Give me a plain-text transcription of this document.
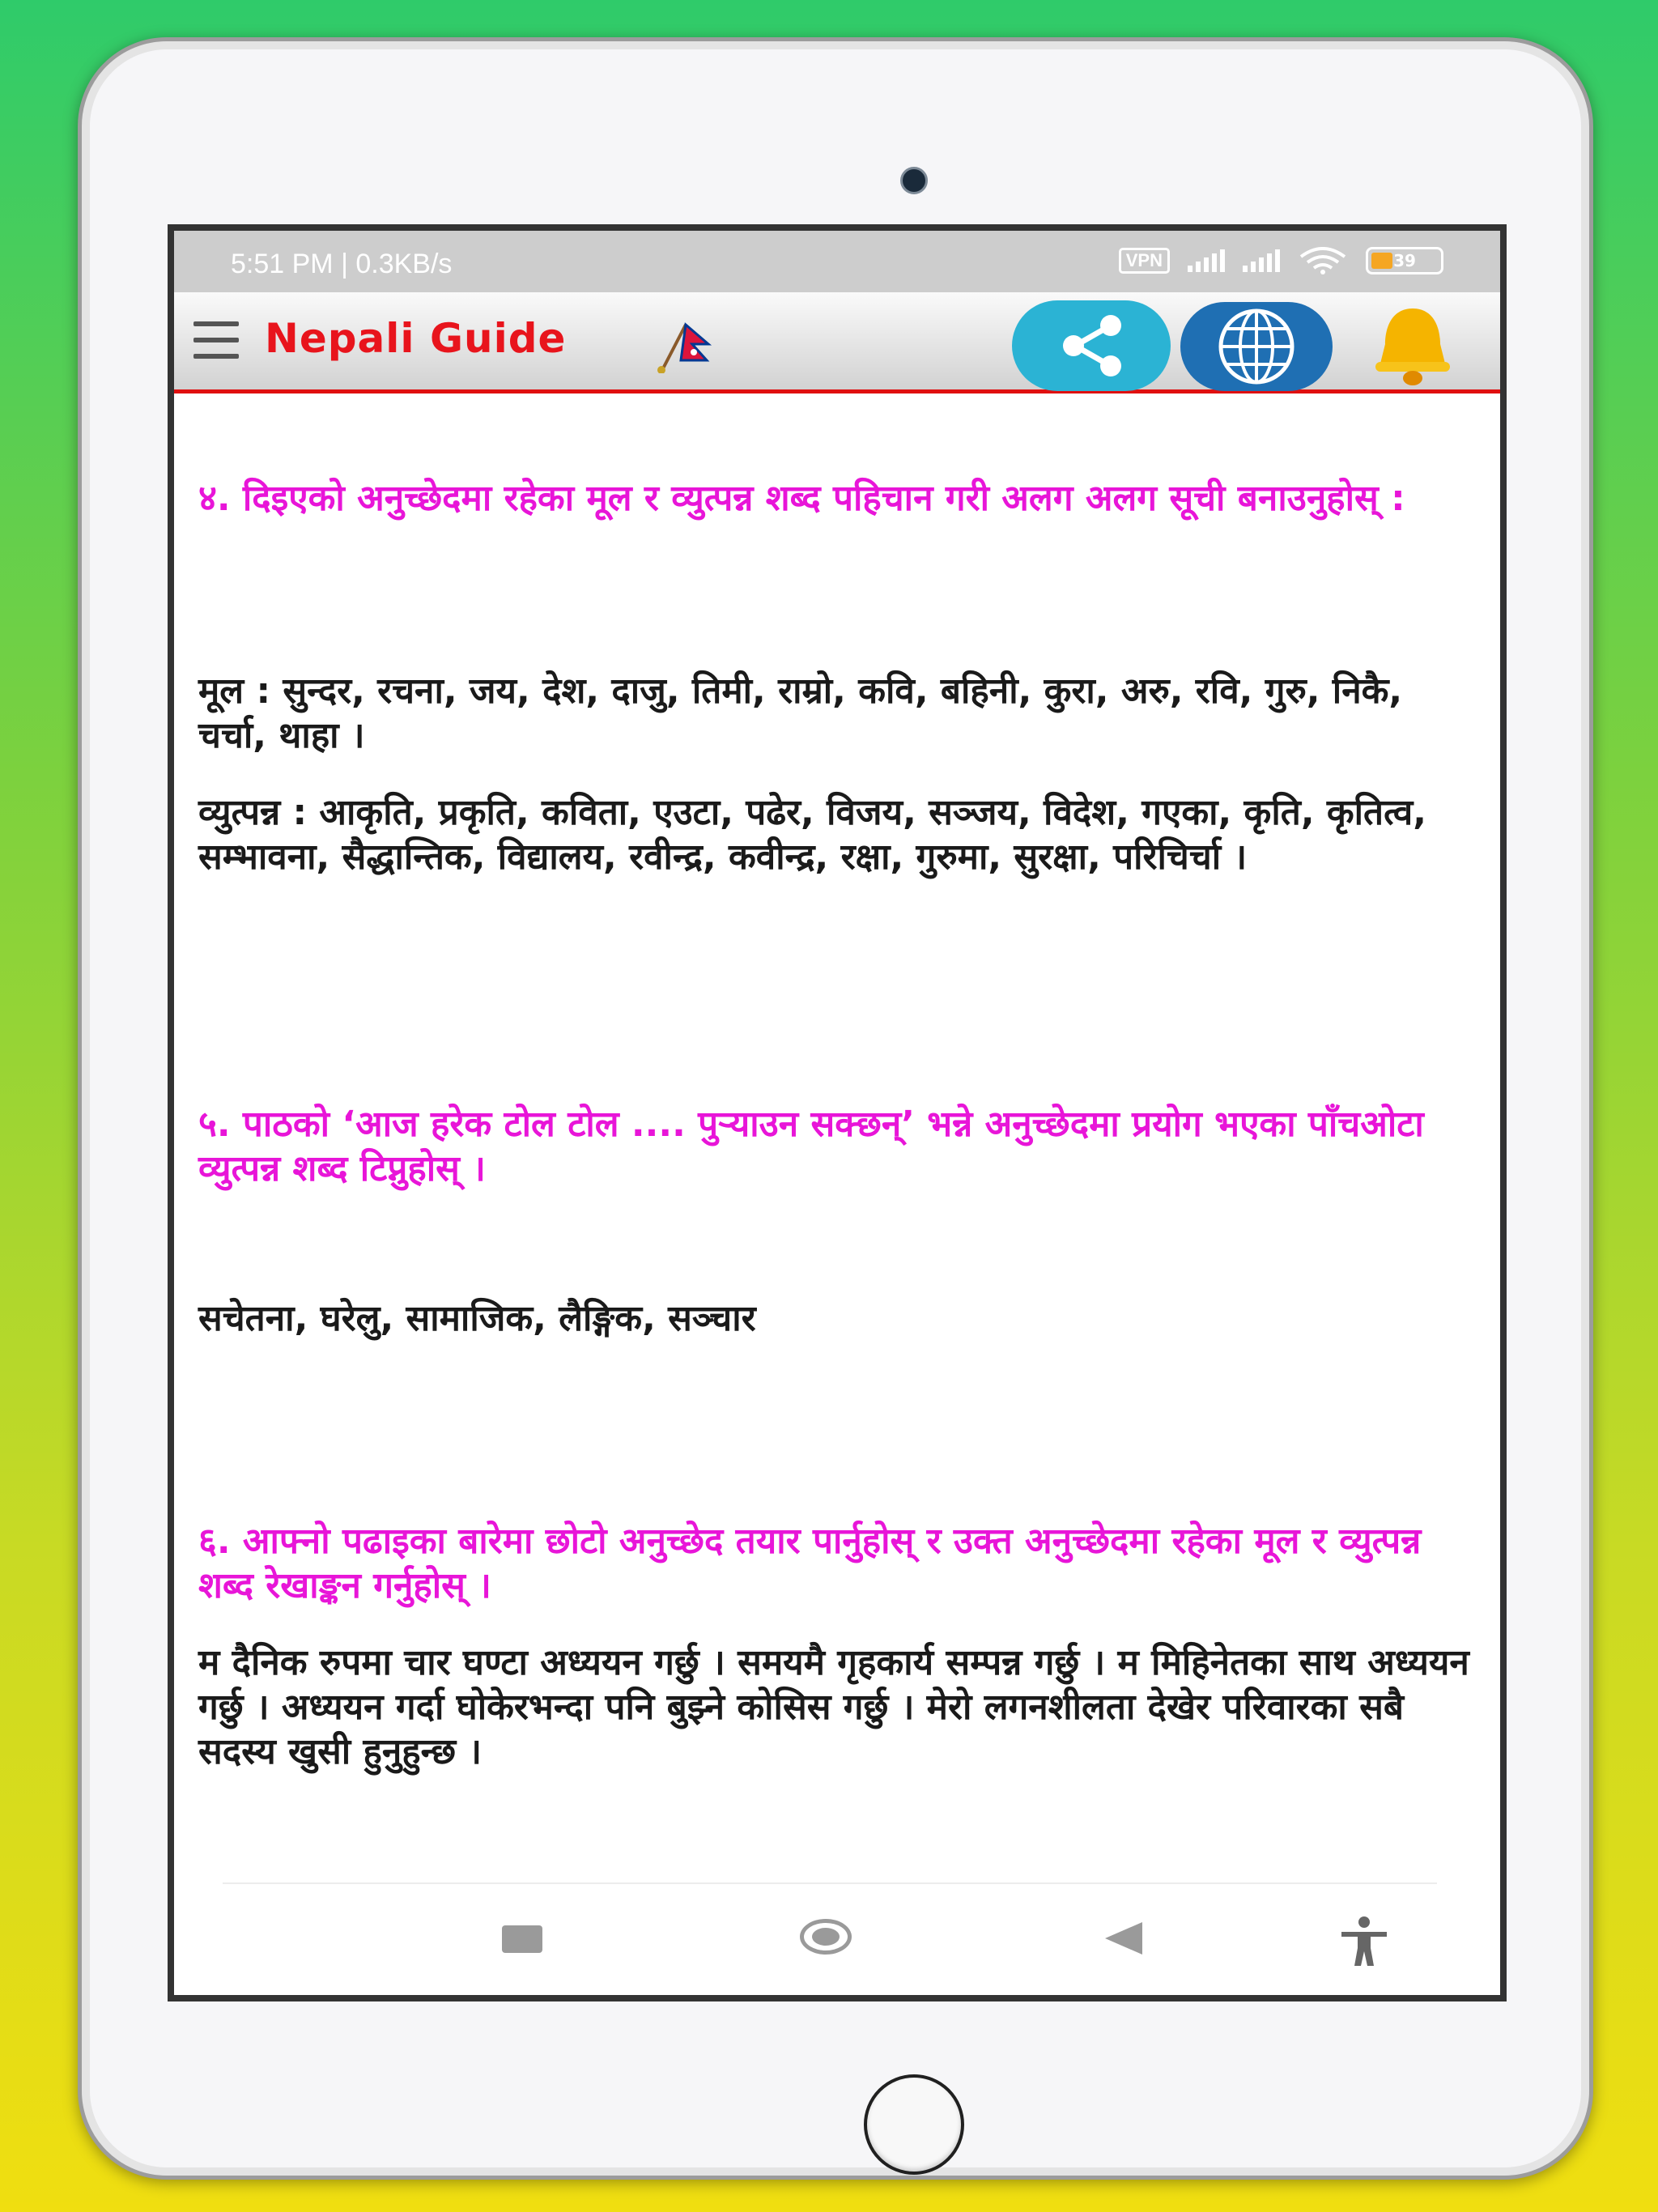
5:51 PM | 0.3KB/s	VPN	39
Nepali Guide

४. दिइएको अनुच्छेदमा रहेका मूल र व्युत्पन्न शब्द पहिचान गरी अलग अलग सूची बनाउनुहोस् :

मूल : सुन्दर, रचना, जय, देश, दाजु, तिमी, राम्रो, कवि, बहिनी, कुरा, अरु, रवि, गुरु, निकै, चर्चा, थाहा ।

व्युत्पन्न : आकृति, प्रकृति, कविता, एउटा, पढेर, विजय, सञ्जय, विदेश, गएका, कृति, कृतित्व, सम्भावना, सैद्धान्तिक, विद्यालय, रवीन्द्र, कवीन्द्र, रक्षा, गुरुमा, सुरक्षा, परिचिर्चा ।

५. पाठको ‘आज हरेक टोल टोल .... पुऱ्याउन सक्छन्’ भन्ने अनुच्छेदमा प्रयोग भएका पाँचओटा व्युत्पन्न शब्द टिप्नुहोस् ।

सचेतना, घरेलु, सामाजिक, लैङ्गिक, सञ्चार

६. आफ्नो पढाइका बारेमा छोटो अनुच्छेद तयार पार्नुहोस् र उक्त अनुच्छेदमा रहेका मूल र व्युत्पन्न शब्द रेखाङ्कन गर्नुहोस् ।

म दैनिक रुपमा चार घण्टा अध्ययन गर्छु । समयमै गृहकार्य सम्पन्न गर्छु । म मिहिनेतका साथ अध्ययन गर्छु । अध्ययन गर्दा घोकेरभन्दा पनि बुझ्ने कोसिस गर्छु । मेरो लगनशीलता देखेर परिवारका सबै सदस्य खुसी हुनुहुन्छ ।
